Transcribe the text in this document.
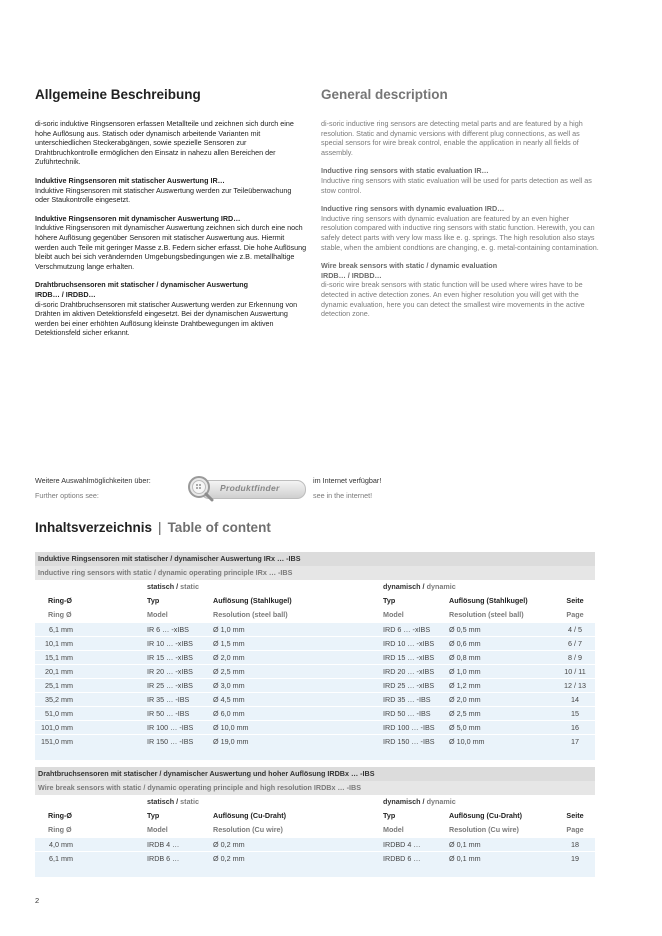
Allgemeine Beschreibung

di-soric induktive Ringsensoren erfassen Metallteile und zeichnen sich durch eine hohe Auflösung aus. Statisch oder dynamisch arbeitende Varianten mit unterschiedlichen Steckerabgängen, sowie spezielle Sensoren zur Drahtbruchkontrolle ermöglichen den Einsatz in nahezu allen Bereichen der Zuführtechnik.

Induktive Ringsensoren mit statischer Auswertung IR…
Induktive Ringsensoren mit statischer Auswertung werden zur Teileüberwachung oder Staukontrolle eingesetzt.

Induktive Ringsensoren mit dynamischer Auswertung IRD…
Induktive Ringsensoren mit dynamischer Auswertung zeichnen sich durch eine noch höhere Auflösung gegenüber Sensoren mit statischer Auswertung aus. Hiermit werden auch Teile mit geringer Masse z.B. Federn sicher erfasst. Die hohe Auflösung bleibt auch bei sich verändernden Umgebungsbedingungen wie z.B. metallhaltige Verschmutzung lange erhalten.

Drahtbruchsensoren mit statischer / dynamischer Auswertung
IRDB… / IRDBD…
di-soric Drahtbruchsensoren mit statischer Auswertung werden zur Erkennung von Drähten im aktiven Detektionsfeld eingesetzt. Bei der dynamischen Auswertung werden bei einer erhöhten Auflösung kleinste Drahtbewegungen im aktiven Detektionsfeld sicher erkannt.

General description

di-soric inductive ring sensors are detecting metal parts and are featured by a high resolution. Static and dynamic versions with different plug connections, as well as special sensors for wire break control, enable the application in nearly all fields of assembly.

Inductive ring sensors with static evaluation IR…
Inductive ring sensors with static evaluation will be used for parts detection as well as stow control.

Inductive ring sensors with dynamic evaluation IRD…
Inductive ring sensors with dynamic evaluation are featured by an even higher resolution compared with inductive ring sensors with static function. Herewith, you can safely detect parts with very low mass like e. g. springs. The high resolution also stays stable, when the ambient condtions are changing, e. g. metal-containing contamination.

Wire break sensors with static / dynamic evaluation
IRDB… / IRDBD…
di-soric wire break sensors with static function will be used where wires have to be detected in active detection zones. An even higher resolution you will get with the dynamic evaluation, here you can detect the smallest wire movements in the active detection zone.

Weitere Auswahlmöglichkeiten über:
Further options see:
Produktfinder
im Internet verfügbar!
see in the internet!
Inhaltsverzeichnis | Table of content
Induktive Ringsensoren mit statischer / dynamischer Auswertung IRx … -IBS
Inductive ring sensors with static / dynamic operating principle IRx … -IBS
statisch / static	dynamisch / dynamic
Ring-Ø	Typ	Auflösung (Stahlkugel)	Typ	Auflösung (Stahlkugel)	Seite
Ring Ø	Model	Resolution (steel ball)	Model	Resolution (steel ball)	Page
6,1 mm	IR 6 … -xIBS	Ø 1,0 mm	IRD 6 … -xIBS	Ø 0,5 mm	4 / 5
10,1 mm	IR 10 … -xIBS	Ø 1,5 mm	IRD 10 … -xIBS Ø 0,6 mm	6 / 7
15,1 mm	IR 15 … -xIBS	Ø 2,0 mm	IRD 15 … -xIBS Ø 0,8 mm	8 / 9
20,1 mm	IR 20 … -xIBS	Ø 2,5 mm	IRD 20 … -xIBS Ø 1,0 mm	10 / 11
25,1 mm	IR 25 … -xIBS	Ø 3,0 mm	IRD 25 … -xIBS Ø 1,2 mm	12 / 13
35,2 mm	IR 35 … -IBS	Ø 4,5 mm	IRD 35 … -IBS	Ø 2,0 mm	14
51,0 mm	IR 50 … -IBS	Ø 6,0 mm	IRD 50 … -IBS	Ø 2,5 mm	15
101,0 mm	IR 100 … -IBS	Ø 10,0 mm	IRD 100 … -IBS Ø 5,0 mm	16
151,0 mm	IR 150 … -IBS	Ø 19,0 mm	IRD 150 … -IBS Ø 10,0 mm	17
Drahtbruchsensoren mit statischer / dynamischer Auswertung und hoher Auflösung IRDBx … -IBS
Wire break sensors with static / dynamic operating principle and high resolution IRDBx … -IBS
statisch / static	dynamisch / dynamic
Ring-Ø	Typ	Auflösung (Cu-Draht)	Typ	Auflösung (Cu-Draht)	Seite
Ring Ø	Model	Resolution (Cu wire)	Model	Resolution (Cu wire)	Page
4,0 mm	IRDB 4 …	Ø 0,2 mm	IRDBD 4 …	Ø 0,1 mm	18
6,1 mm	IRDB 6 …	Ø 0,2 mm	IRDBD 6 …	Ø 0,1 mm	19
2
